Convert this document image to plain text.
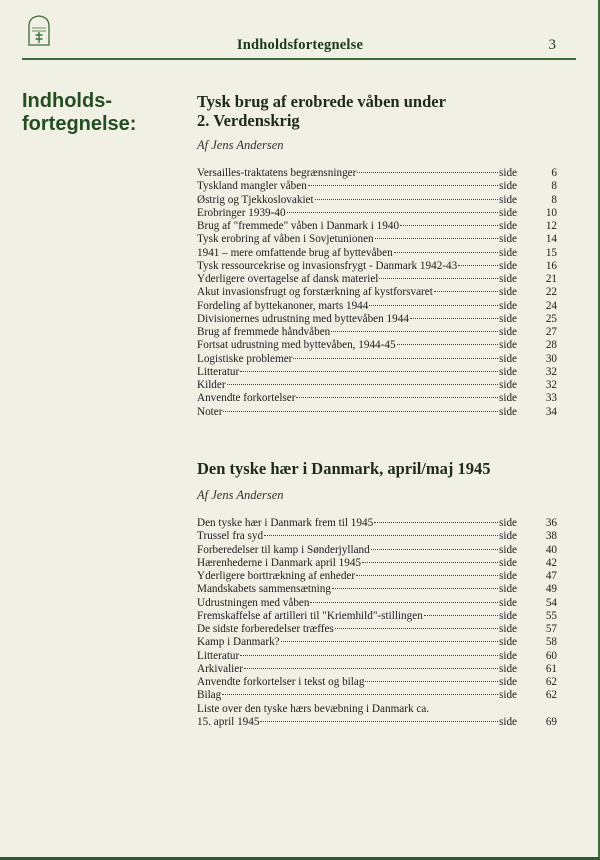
Indholdsfortegnelse	3
Indholds-
fortegnelse:
Tysk brug af erobrede våben under
2. Verdenskrig
Af Jens Andersen
Versailles-traktatens begrænsninger	side	6
Tyskland mangler våben	side	8
Østrig og Tjekkoslovakiet	side	8
Erobringer 1939-40	side	10
Brug af "fremmede" våben i Danmark i 1940	side	12
Tysk erobring af våben i Sovjetunionen	side	14
1941 – mere omfattende brug af byttevåben	side	15
Tysk ressourcekrise og invasionsfrygt - Danmark 1942-43	side	16
Yderligere overtagelse af dansk materiel	side	21
Akut invasionsfrugt og forstærkning af kystforsvaret	side	22
Fordeling af byttekanoner, marts 1944	side	24
Divisionernes udrustning med byttevåben 1944	side	25
Brug af fremmede håndvåben	side	27
Fortsat udrustning med byttevåben, 1944-45	side	28
Logistiske problemer	side	30
Litteratur	side	32
Kilder	side	32
Anvendte forkortelser	side	33
Noter	side	34
Den tyske hær i Danmark, april/maj 1945
Af Jens Andersen
Den tyske hær i Danmark frem til 1945	side	36
Trussel fra syd	side	38
Forberedelser til kamp i Sønderjylland	side	40
Hærenhederne i Danmark april 1945	side	42
Yderligere borttrækning af enheder	side	47
Mandskabets sammensætning	side	49
Udrustningen med våben	side	54
Fremskaffelse af artilleri til "Kriemhild"-stillingen	side	55
De sidste forberedelser træffes	side	57
Kamp i Danmark?	side	58
Litteratur	side	60
Arkivalier	side	61
Anvendte forkortelser i tekst og bilag	side	62
Bilag	side	62
Liste over den tyske hærs bevæbning i Danmark ca.
15. april 1945	side	69
